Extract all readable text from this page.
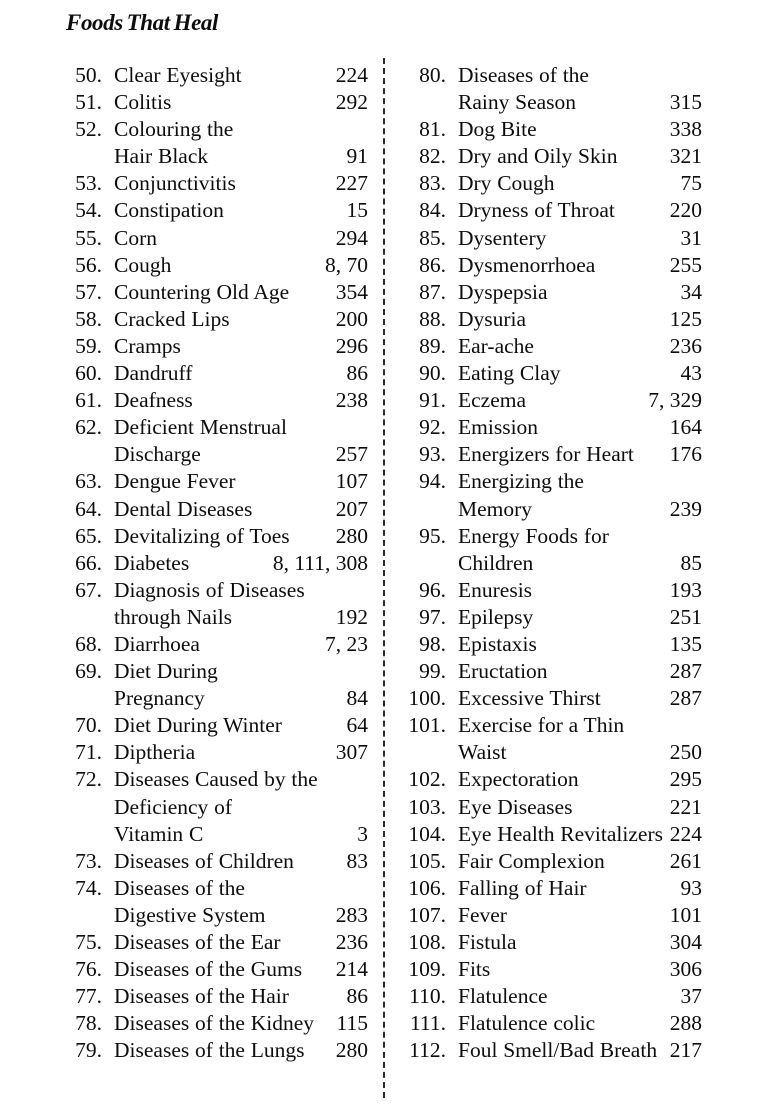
Foods That Heal
50. Clear Eyesight	224
51. Colitis	292
52. Colouring the
Hair Black	91
53. Conjunctivitis	227
54. Constipation	15
55. Corn	294
56. Cough	8, 70
57. Countering Old Age	354
58. Cracked Lips	200
59. Cramps	296
60. Dandruff	86
61. Deafness	238
62. Deficient Menstrual
Discharge	257
63. Dengue Fever	107
64. Dental Diseases	207
65. Devitalizing of Toes	280
66. Diabetes	8, 111, 308
67. Diagnosis of Diseases
through Nails	192
68. Diarrhoea	7, 23
69. Diet During
Pregnancy	84
70. Diet During Winter	64
71. Diptheria	307
72. Diseases Caused by the
Deficiency of
Vitamin C	3
73. Diseases of Children	83
74. Diseases of the
Digestive System	283
75. Diseases of the Ear	236
76. Diseases of the Gums	214
77. Diseases of the Hair	86
78. Diseases of the Kidney	115
79. Diseases of the Lungs	280
80. Diseases of the
Rainy Season	315
81. Dog Bite	338
82. Dry and Oily Skin	321
83. Dry Cough	75
84. Dryness of Throat	220
85. Dysentery	31
86. Dysmenorrhoea	255
87. Dyspepsia	34
88. Dysuria	125
89. Ear-ache	236
90. Eating Clay	43
91. Eczema	7, 329
92. Emission	164
93. Energizers for Heart	176
94. Energizing the
Memory	239
95. Energy Foods for
Children	85
96. Enuresis	193
97. Epilepsy	251
98. Epistaxis	135
99. Eructation	287
100. Excessive Thirst	287
101. Exercise for a Thin
Waist	250
102. Expectoration	295
103. Eye Diseases	221
104. Eye Health Revitalizers 224
105. Fair Complexion	261
106. Falling of Hair	93
107. Fever	101
108. Fistula	304
109. Fits	306
110. Flatulence	37
111. Flatulence colic	288
112. Foul Smell/Bad Breath 217
